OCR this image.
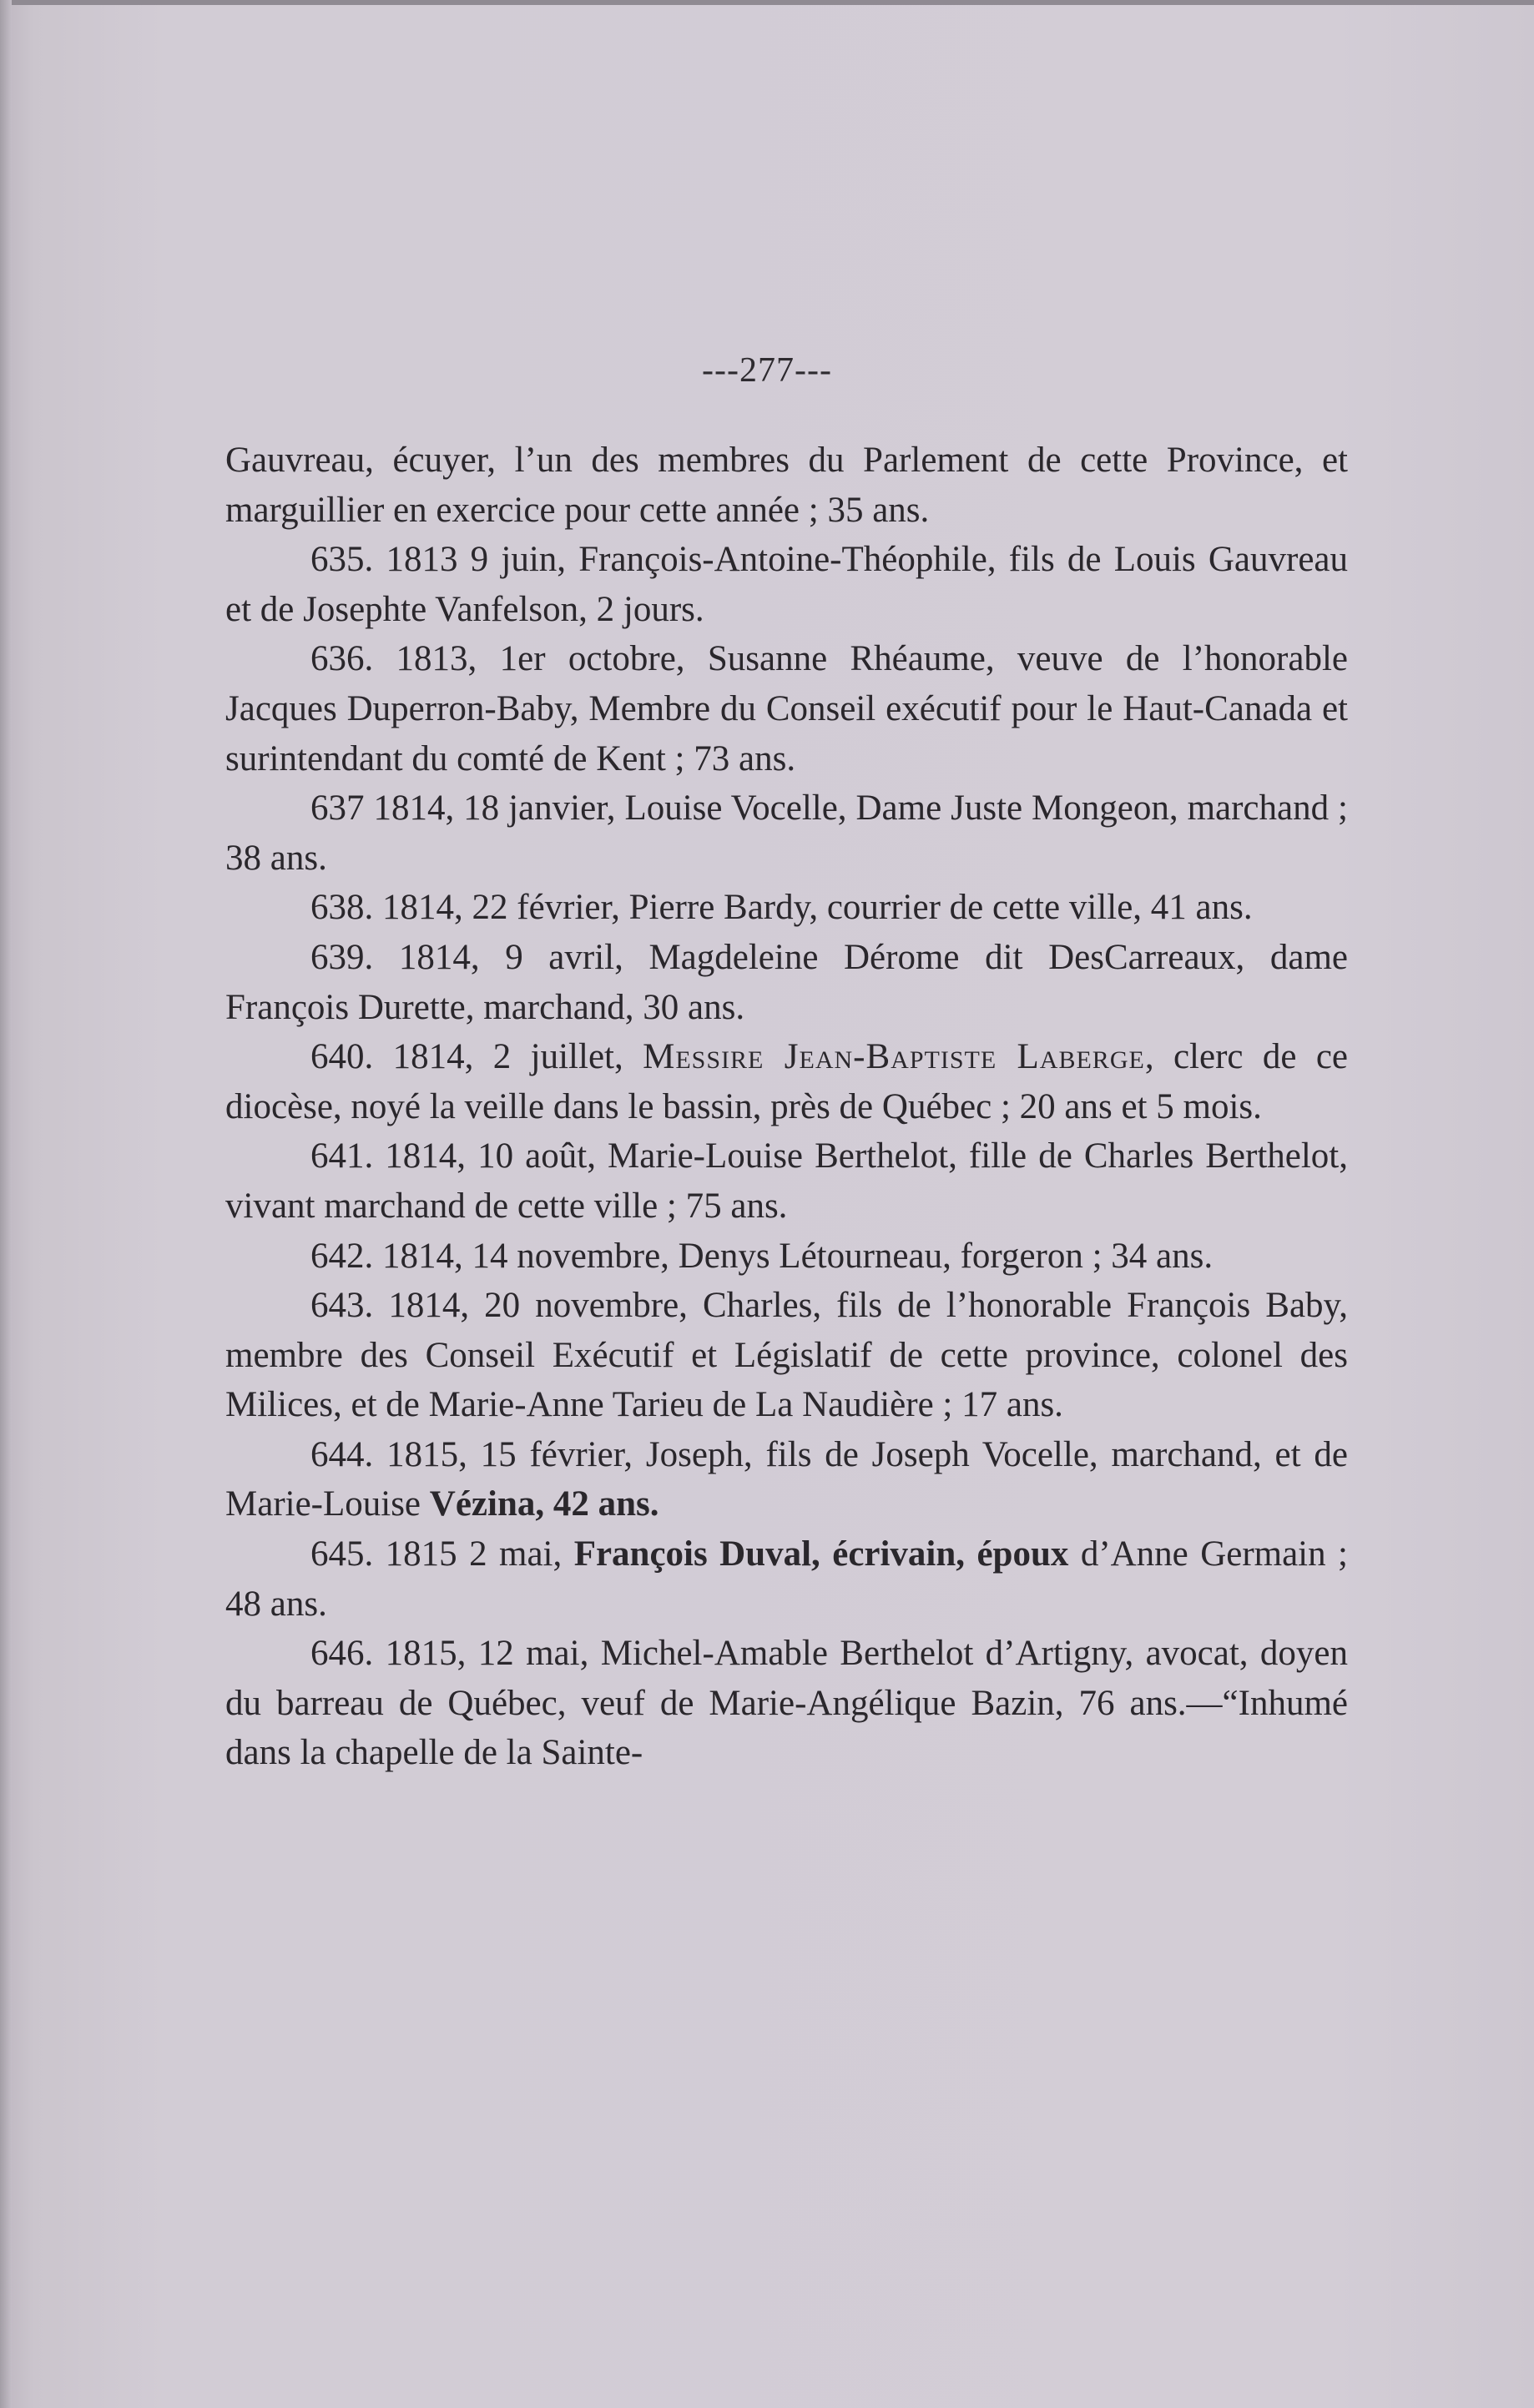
---277---

Gauvreau, écuyer, l’un des membres du Parlement de cette Province, et marguillier en exercice pour cette année ; 35 ans.

635. 1813 9 juin, François-Antoine-Théophile, fils de Louis Gauvreau et de Josephte Vanfelson, 2 jours.

636. 1813, 1er octobre, Susanne Rhéaume, veuve de l’honorable Jacques Duperron-Baby, Membre du Conseil exécutif pour le Haut-Canada et surintendant du comté de Kent ; 73 ans.

637 1814, 18 janvier, Louise Vocelle, Dame Juste Mongeon, marchand ; 38 ans.

638. 1814, 22 février, Pierre Bardy, courrier de cette ville, 41 ans.

639. 1814, 9 avril, Magdeleine Dérome dit DesCarreaux, dame François Durette, marchand, 30 ans.

640. 1814, 2 juillet, Messire Jean-Baptiste Laberge, clerc de ce diocèse, noyé la veille dans le bassin, près de Québec ; 20 ans et 5 mois.

641. 1814, 10 août, Marie-Louise Berthelot, fille de Charles Berthelot, vivant marchand de cette ville ; 75 ans.

642. 1814, 14 novembre, Denys Létourneau, forgeron ; 34 ans.

643. 1814, 20 novembre, Charles, fils de l’honorable François Baby, membre des Conseil Exécutif et Législatif de cette province, colonel des Milices, et de Marie-Anne Tarieu de La Naudière ; 17 ans.

644. 1815, 15 février, Joseph, fils de Joseph Vocelle, marchand, et de Marie-Louise Vézina, 42 ans.

645. 1815 2 mai, François Duval, écrivain, époux d’Anne Germain ; 48 ans.

646. 1815, 12 mai, Michel-Amable Berthelot d’Artigny, avocat, doyen du barreau de Québec, veuf de Marie-Angélique Bazin, 76 ans.—“Inhumé dans la chapelle de la Sainte-
